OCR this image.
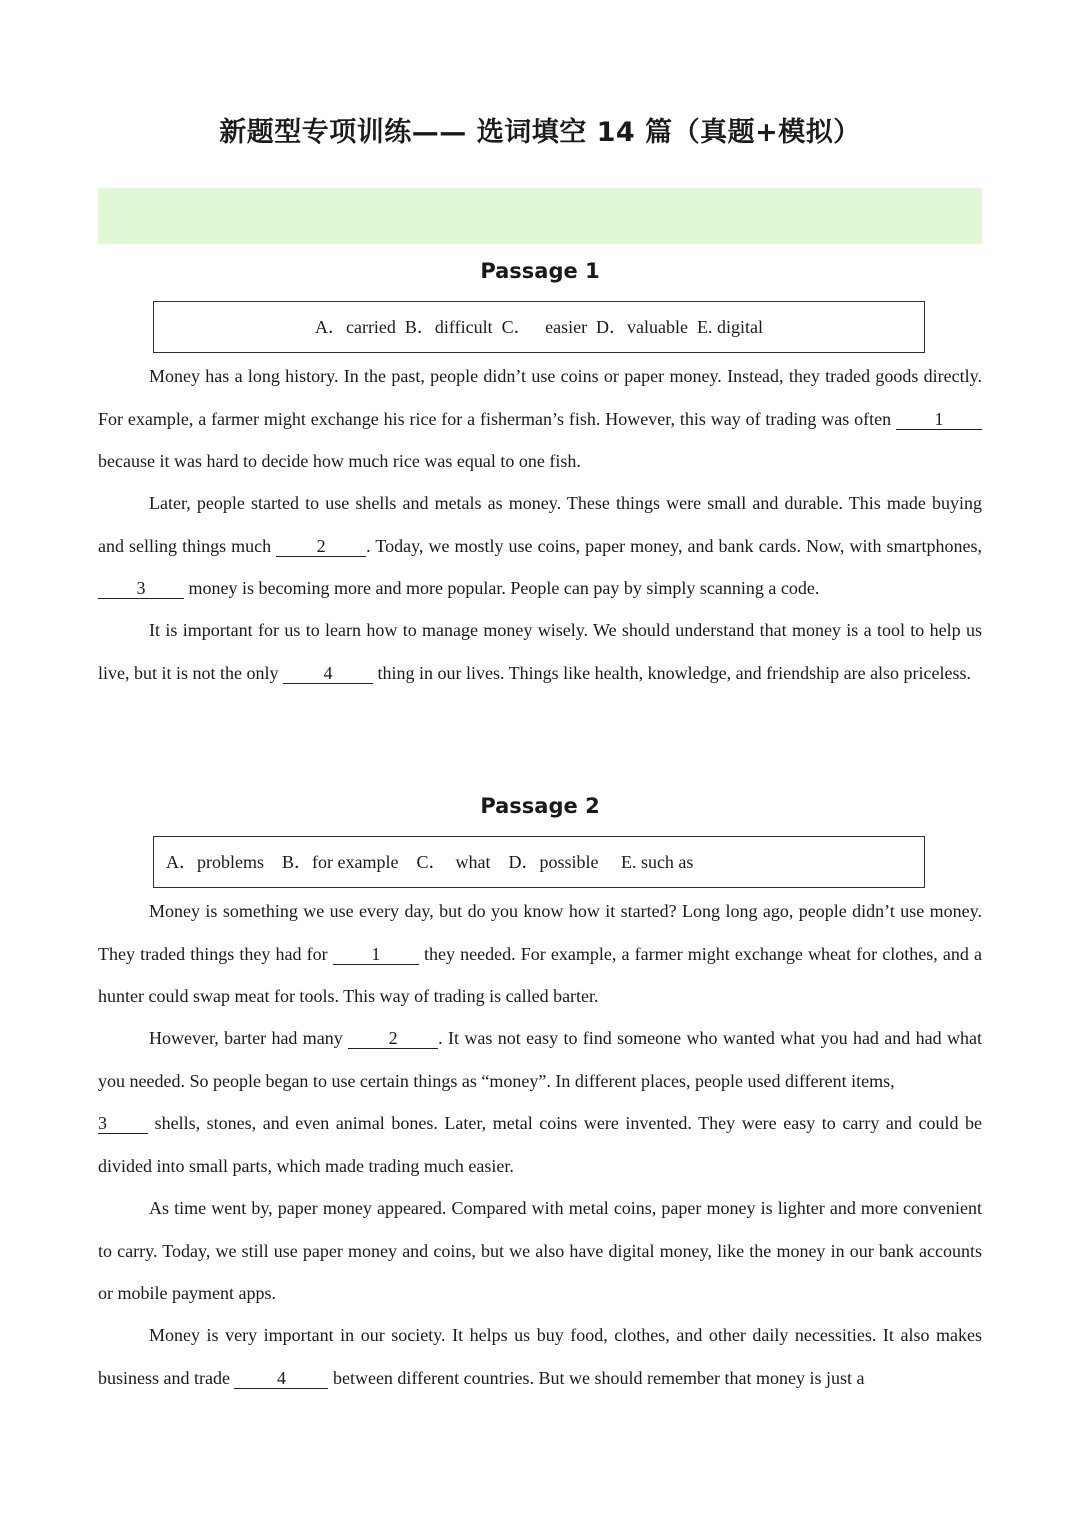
新题型专项训练—— 选词填空 14 篇（真题+模拟）
Passage 1
A．carried  B．difficult  C．   easier  D．valuable  E. digital

Money has a long history. In the past, people didn’t use coins or paper money. Instead, they traded goods directly. For example, a farmer might exchange his rice for a fisherman’s fish. However, this way of trading was often 1 because it was hard to decide how much rice was equal to one fish.

Later, people started to use shells and metals as money. These things were small and durable. This made buying and selling things much 2 . Today, we mostly use coins, paper money, and bank cards. Now, with smartphones, 3 money is becoming more and more popular. People can pay by simply scanning a code.

It is important for us to learn how to manage money wisely. We should understand that money is a tool to help us live, but it is not the only 4 thing in our lives. Things like health, knowledge, and friendship are also priceless.

Passage 2
A．problems    B．for example    C．  what    D．possible     E. such as

Money is something we use every day, but do you know how it started? Long long ago, people didn’t use money. They traded things they had for 1 they needed. For example, a farmer might exchange wheat for clothes, and a hunter could swap meat for tools. This way of trading is called barter.

However, barter had many 2 . It was not easy to find someone who wanted what you had and had what you needed. So people began to use certain things as “money”. In different places, people used different items,

3 shells, stones, and even animal bones. Later, metal coins were invented. They were easy to carry and could be divided into small parts, which made trading much easier.

As time went by, paper money appeared. Compared with metal coins, paper money is lighter and more convenient to carry. Today, we still use paper money and coins, but we also have digital money, like the money in our bank accounts or mobile payment apps.

Money is very important in our society. It helps us buy food, clothes, and other daily necessities. It also makes business and trade 4 between different countries. But we should remember that money is just a
